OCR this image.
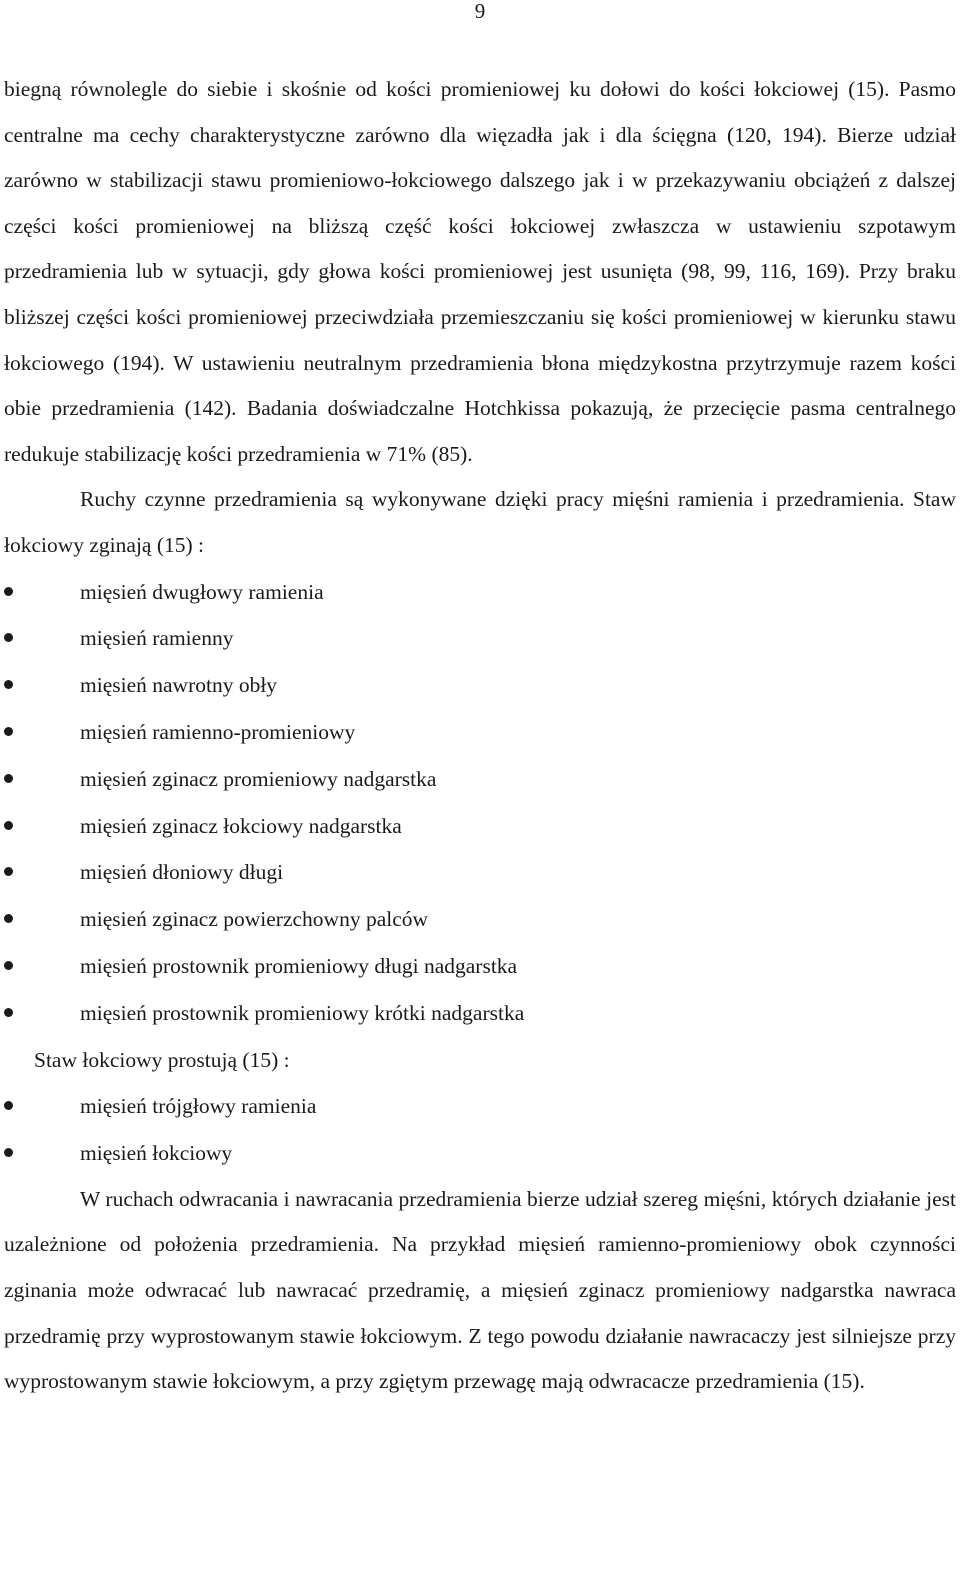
9

biegną równolegle do siebie i skośnie od kości promieniowej ku dołowi do kości łokciowej (15). Pasmo centralne ma cechy charakterystyczne zarówno dla więzadła jak i dla ścięgna (120, 194). Bierze udział zarówno w stabilizacji stawu promieniowo-łokciowego dalszego jak i w przekazywaniu obciążeń z dalszej części kości promieniowej na bliższą część kości łokciowej zwłaszcza w ustawieniu szpotawym przedramienia lub w sytuacji, gdy głowa kości promieniowej jest usunięta (98, 99, 116, 169). Przy braku bliższej części kości promieniowej przeciwdziała przemieszczaniu się kości promieniowej w kierunku stawu łokciowego (194). W ustawieniu neutralnym przedramienia błona międzykostna przytrzymuje razem kości obie przedramienia (142). Badania doświadczalne Hotchkissa pokazują, że przecięcie pasma centralnego redukuje stabilizację kości przedramienia w 71% (85).

Ruchy czynne przedramienia są wykonywane dzięki pracy mięśni ramienia i przedramienia. Staw łokciowy zginają (15) :

mięsień dwugłowy ramienia
mięsień ramienny
mięsień nawrotny obły
mięsień ramienno-promieniowy
mięsień zginacz promieniowy nadgarstka
mięsień zginacz łokciowy nadgarstka
mięsień dłoniowy długi
mięsień zginacz powierzchowny palców
mięsień prostownik promieniowy długi nadgarstka
mięsień prostownik promieniowy krótki nadgarstka

Staw łokciowy prostują (15) :

mięsień trójgłowy ramienia
mięsień łokciowy

W ruchach odwracania i nawracania przedramienia bierze udział szereg mięśni, których działanie jest uzależnione od położenia przedramienia. Na przykład mięsień ramienno-promieniowy obok czynności zginania może odwracać lub nawracać przedramię, a mięsień zginacz promieniowy nadgarstka nawraca przedramię przy wyprostowanym stawie łokciowym. Z tego powodu działanie nawracaczy jest silniejsze przy wyprostowanym stawie łokciowym, a przy zgiętym przewagę mają odwracacze przedramienia (15).
